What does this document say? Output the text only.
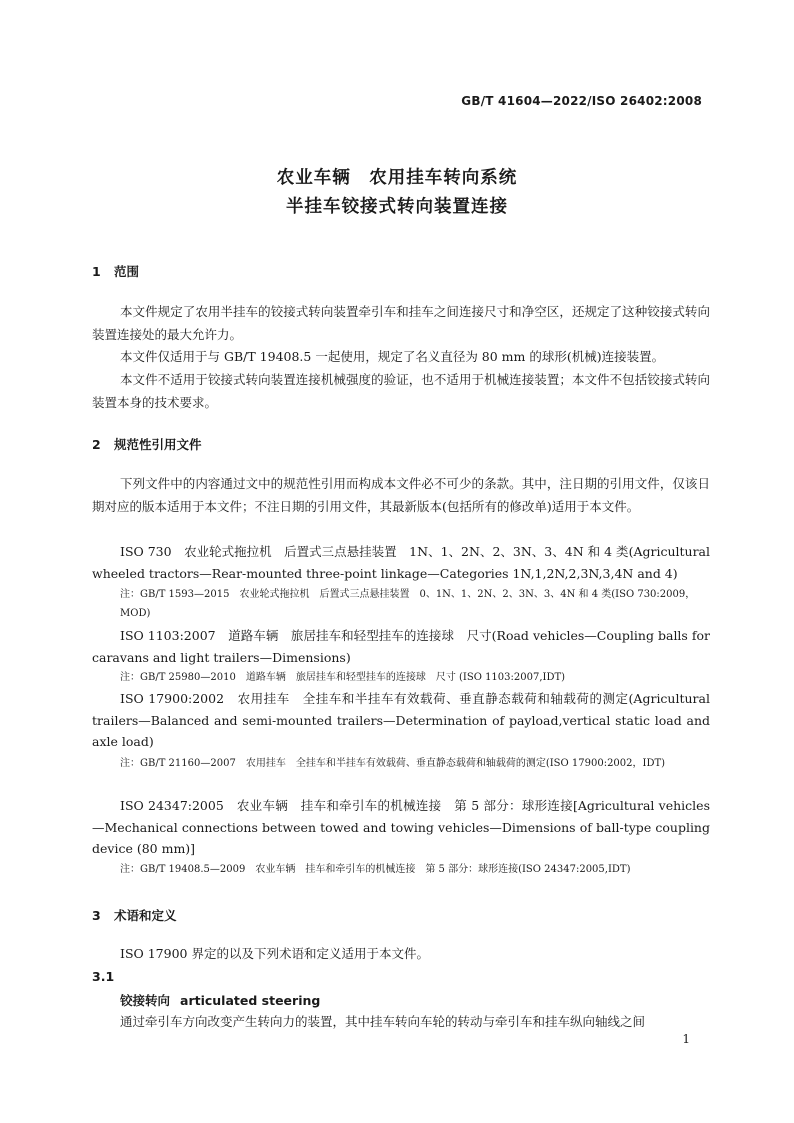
GB/T 41604—2022/ISO 26402:2008
农业车辆　农用挂车转向系统
半挂车铰接式转向装置连接
1 范围

本文件规定了农用半挂车的铰接式转向装置牵引车和挂车之间连接尺寸和净空区，还规定了这种铰接式转向装置连接处的最大允许力。

本文件仅适用于与 GB/T 19408.5 一起使用，规定了名义直径为 80 mm 的球形(机械)连接装置。

本文件不适用于铰接式转向装置连接机械强度的验证，也不适用于机械连接装置；本文件不包括铰接式转向装置本身的技术要求。

2 规范性引用文件

下列文件中的内容通过文中的规范性引用而构成本文件必不可少的条款。其中，注日期的引用文件，仅该日期对应的版本适用于本文件；不注日期的引用文件，其最新版本(包括所有的修改单)适用于本文件。

ISO 730　农业轮式拖拉机　后置式三点悬挂装置　1N、1、2N、2、3N、3、4N 和 4 类(Agricultural wheeled tractors—Rear-mounted three-point linkage—Categories 1N,1,2N,2,3N,3,4N and 4)

注：GB/T 1593—2015　农业轮式拖拉机　后置式三点悬挂装置　0、1N、1、2N、2、3N、3、4N 和 4 类(ISO 730:2009，MOD)

ISO 1103:2007　道路车辆　旅居挂车和轻型挂车的连接球　尺寸(Road vehicles—Coupling balls for caravans and light trailers—Dimensions)

注：GB/T 25980—2010　道路车辆　旅居挂车和轻型挂车的连接球　尺寸 (ISO 1103:2007,IDT)

ISO 17900:2002　农用挂车　全挂车和半挂车有效载荷、垂直静态载荷和轴载荷的测定(Agricultural trailers—Balanced and semi-mounted trailers—Determination of payload,vertical static load and axle load)

注：GB/T 21160—2007　农用挂车　全挂车和半挂车有效载荷、垂直静态载荷和轴载荷的测定(ISO 17900:2002，IDT)

ISO 24347:2005　农业车辆　挂车和牵引车的机械连接　第 5 部分：球形连接[Agricultural vehicles—Mechanical connections between towed and towing vehicles—Dimensions of ball-type coupling device (80 mm)]

注：GB/T 19408.5—2009　农业车辆　挂车和牵引车的机械连接　第 5 部分：球形连接(ISO 24347:2005,IDT)

3 术语和定义

ISO 17900 界定的以及下列术语和定义适用于本文件。

3.1
铰接转向 articulated steering

通过牵引车方向改变产生转向力的装置，其中挂车转向车轮的转动与牵引车和挂车纵向轴线之间

1
